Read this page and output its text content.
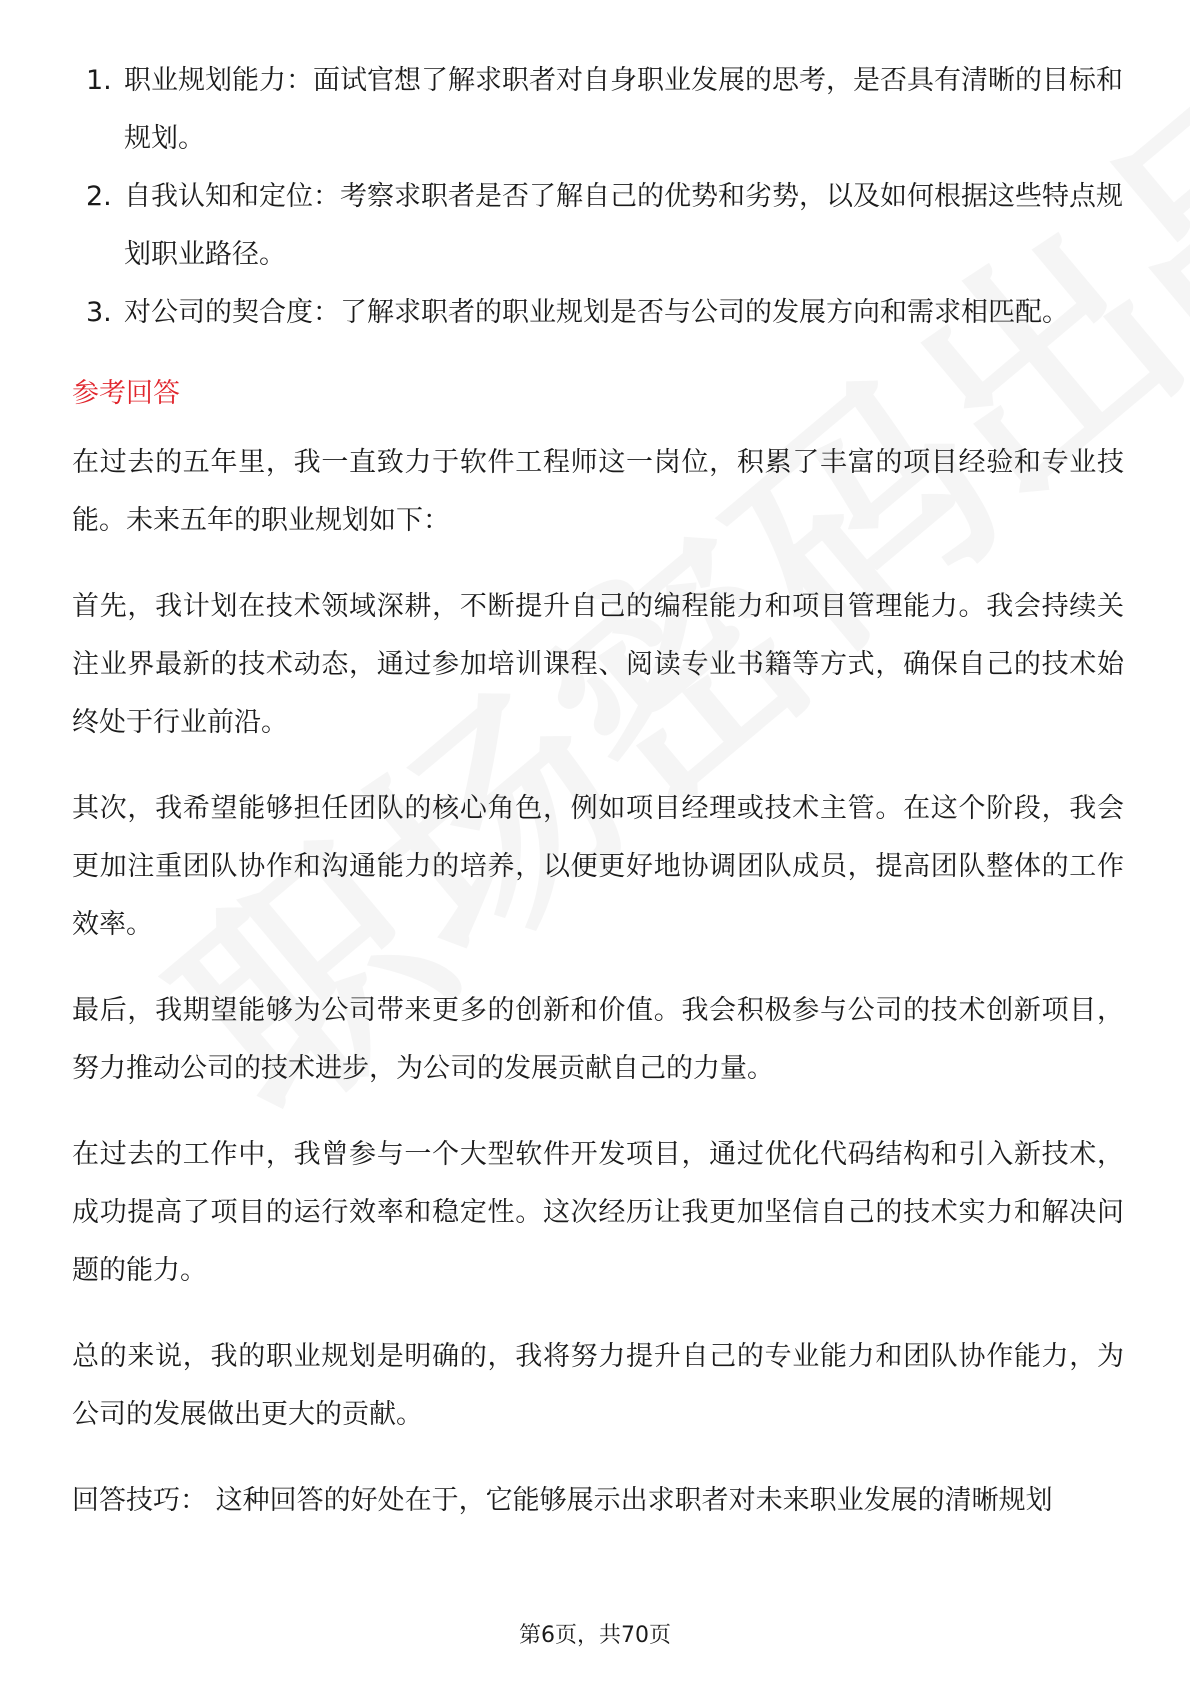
1. 职业规划能力：面试官想了解求职者对自身职业发展的思考，是否具有清晰的目标和规划。
2. 自我认知和定位：考察求职者是否了解自己的优势和劣势，以及如何根据这些特点规划职业路径。
3. 对公司的契合度：了解求职者的职业规划是否与公司的发展方向和需求相匹配。
参考回答

在过去的五年里，我一直致力于软件工程师这一岗位，积累了丰富的项目经验和专业技能。未来五年的职业规划如下：

首先，我计划在技术领域深耕，不断提升自己的编程能力和项目管理能力。我会持续关注业界最新的技术动态，通过参加培训课程、阅读专业书籍等方式，确保自己的技术始终处于行业前沿。

其次，我希望能够担任团队的核心角色，例如项目经理或技术主管。在这个阶段，我会更加注重团队协作和沟通能力的培养，以便更好地协调团队成员，提高团队整体的工作效率。

最后，我期望能够为公司带来更多的创新和价值。我会积极参与公司的技术创新项目，努力推动公司的技术进步，为公司的发展贡献自己的力量。

在过去的工作中，我曾参与一个大型软件开发项目，通过优化代码结构和引入新技术，成功提高了项目的运行效率和稳定性。这次经历让我更加坚信自己的技术实力和解决问题的能力。

总的来说，我的职业规划是明确的，我将努力提升自己的专业能力和团队协作能力，为公司的发展做出更大的贡献。

回答技巧： 这种回答的好处在于，它能够展示出求职者对未来职业发展的清晰规划

第6页，共70页
